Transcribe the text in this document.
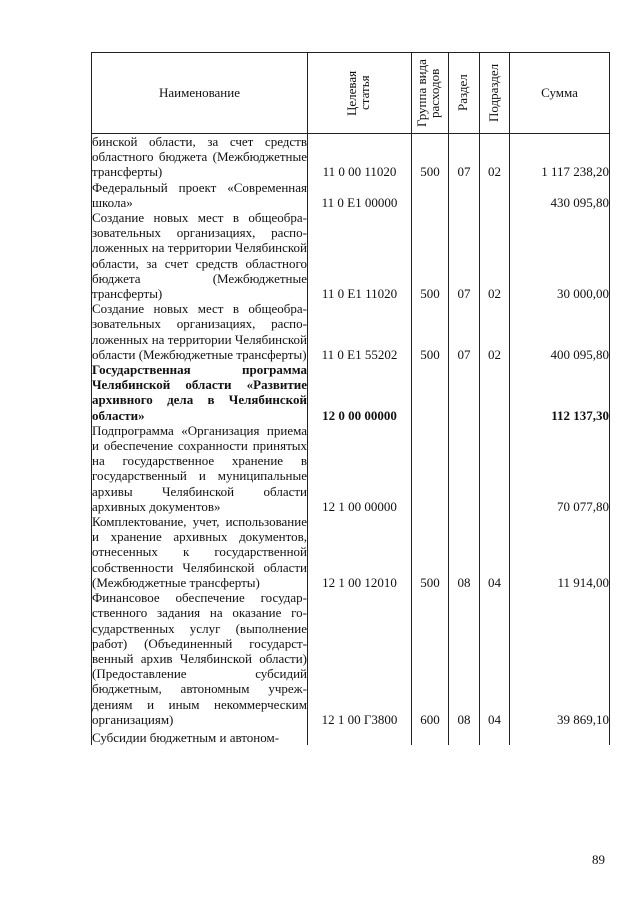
Наименование	Целевая статья	Группа вида расходов	Раздел	Подраздел	Сумма
бинской области, за счет средств областного бюджета (Межбюджетные трансферты)	11 0 00 11020	500	07	02	1 117 238,20
Федеральный проект «Современная школа»	11 0 E1 00000				430 095,80
Создание новых мест в общеобразовательных организациях, расположенных на территории Челябинской области, за счет средств областного бюджета (Межбюджетные трансферты)	11 0 E1 11020	500	07	02	30 000,00
Создание новых мест в общеобразовательных организациях, расположенных на территории Челябинской области (Межбюджетные трансферты)	11 0 E1 55202	500	07	02	400 095,80
Государственная программа Челябинской области «Развитие архивного дела в Челябинской области»	12 0 00 00000				112 137,30
Подпрограмма «Организация приема и обеспечение сохранности принятых на государственное хранение в государственный и муниципальные архивы Челябинской области архивных документов»	12 1 00 00000				70 077,80
Комплектование, учет, использование и хранение архивных документов, отнесенных к государственной собственности Челябинской области (Межбюджетные трансферты)	12 1 00 12010	500	08	04	11 914,00
Финансовое обеспечение государственного задания на оказание государственных услуг (выполнение работ) (Объединенный государственный архив Челябинской области) (Предоставление субсидий бюджетным, автономным учреждениям и иным некоммерческим организациям)	12 1 00 Г3800	600	08	04	39 869,10
Субсидии бюджетным и автоном-					
89
